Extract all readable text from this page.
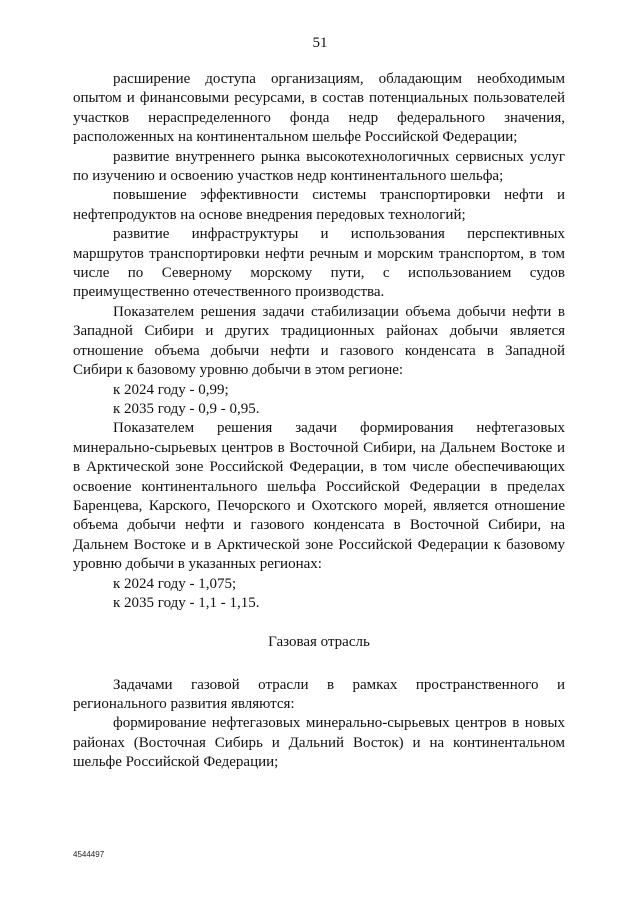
51

расширение доступа организациям, обладающим необходимым
опытом и финансовыми ресурсами, в состав потенциальных пользователей
участков нераспределенного фонда недр федерального значения,
расположенных на континентальном шельфе Российской Федерации;

развитие внутреннего рынка высокотехнологичных сервисных услуг
по изучению и освоению участков недр континентального шельфа;

повышение эффективности системы транспортировки нефти и
нефтепродуктов на основе внедрения передовых технологий;

развитие инфраструктуры и использования перспективных
маршрутов транспортировки нефти речным и морским транспортом, в том
числе по Северному морскому пути, с использованием судов
преимущественно отечественного производства.

Показателем решения задачи стабилизации объема добычи нефти в
Западной Сибири и других традиционных районах добычи является
отношение объема добычи нефти и газового конденсата в Западной
Сибири к базовому уровню добычи в этом регионе:

к 2024 году - 0,99;

к 2035 году - 0,9 - 0,95.

Показателем решения задачи формирования нефтегазовых
минерально-сырьевых центров в Восточной Сибири, на Дальнем Востоке и
в Арктической зоне Российской Федерации, в том числе обеспечивающих
освоение континентального шельфа Российской Федерации в пределах
Баренцева, Карского, Печорского и Охотского морей, является отношение
объема добычи нефти и газового конденсата в Восточной Сибири, на
Дальнем Востоке и в Арктической зоне Российской Федерации к базовому
уровню добычи в указанных регионах:

к 2024 году - 1,075;

к 2035 году - 1,1 - 1,15.

Газовая отрасль

Задачами газовой отрасли в рамках пространственного и
регионального развития являются:

формирование нефтегазовых минерально-сырьевых центров в новых
районах (Восточная Сибирь и Дальний Восток) и на континентальном
шельфе Российской Федерации;

4544497
